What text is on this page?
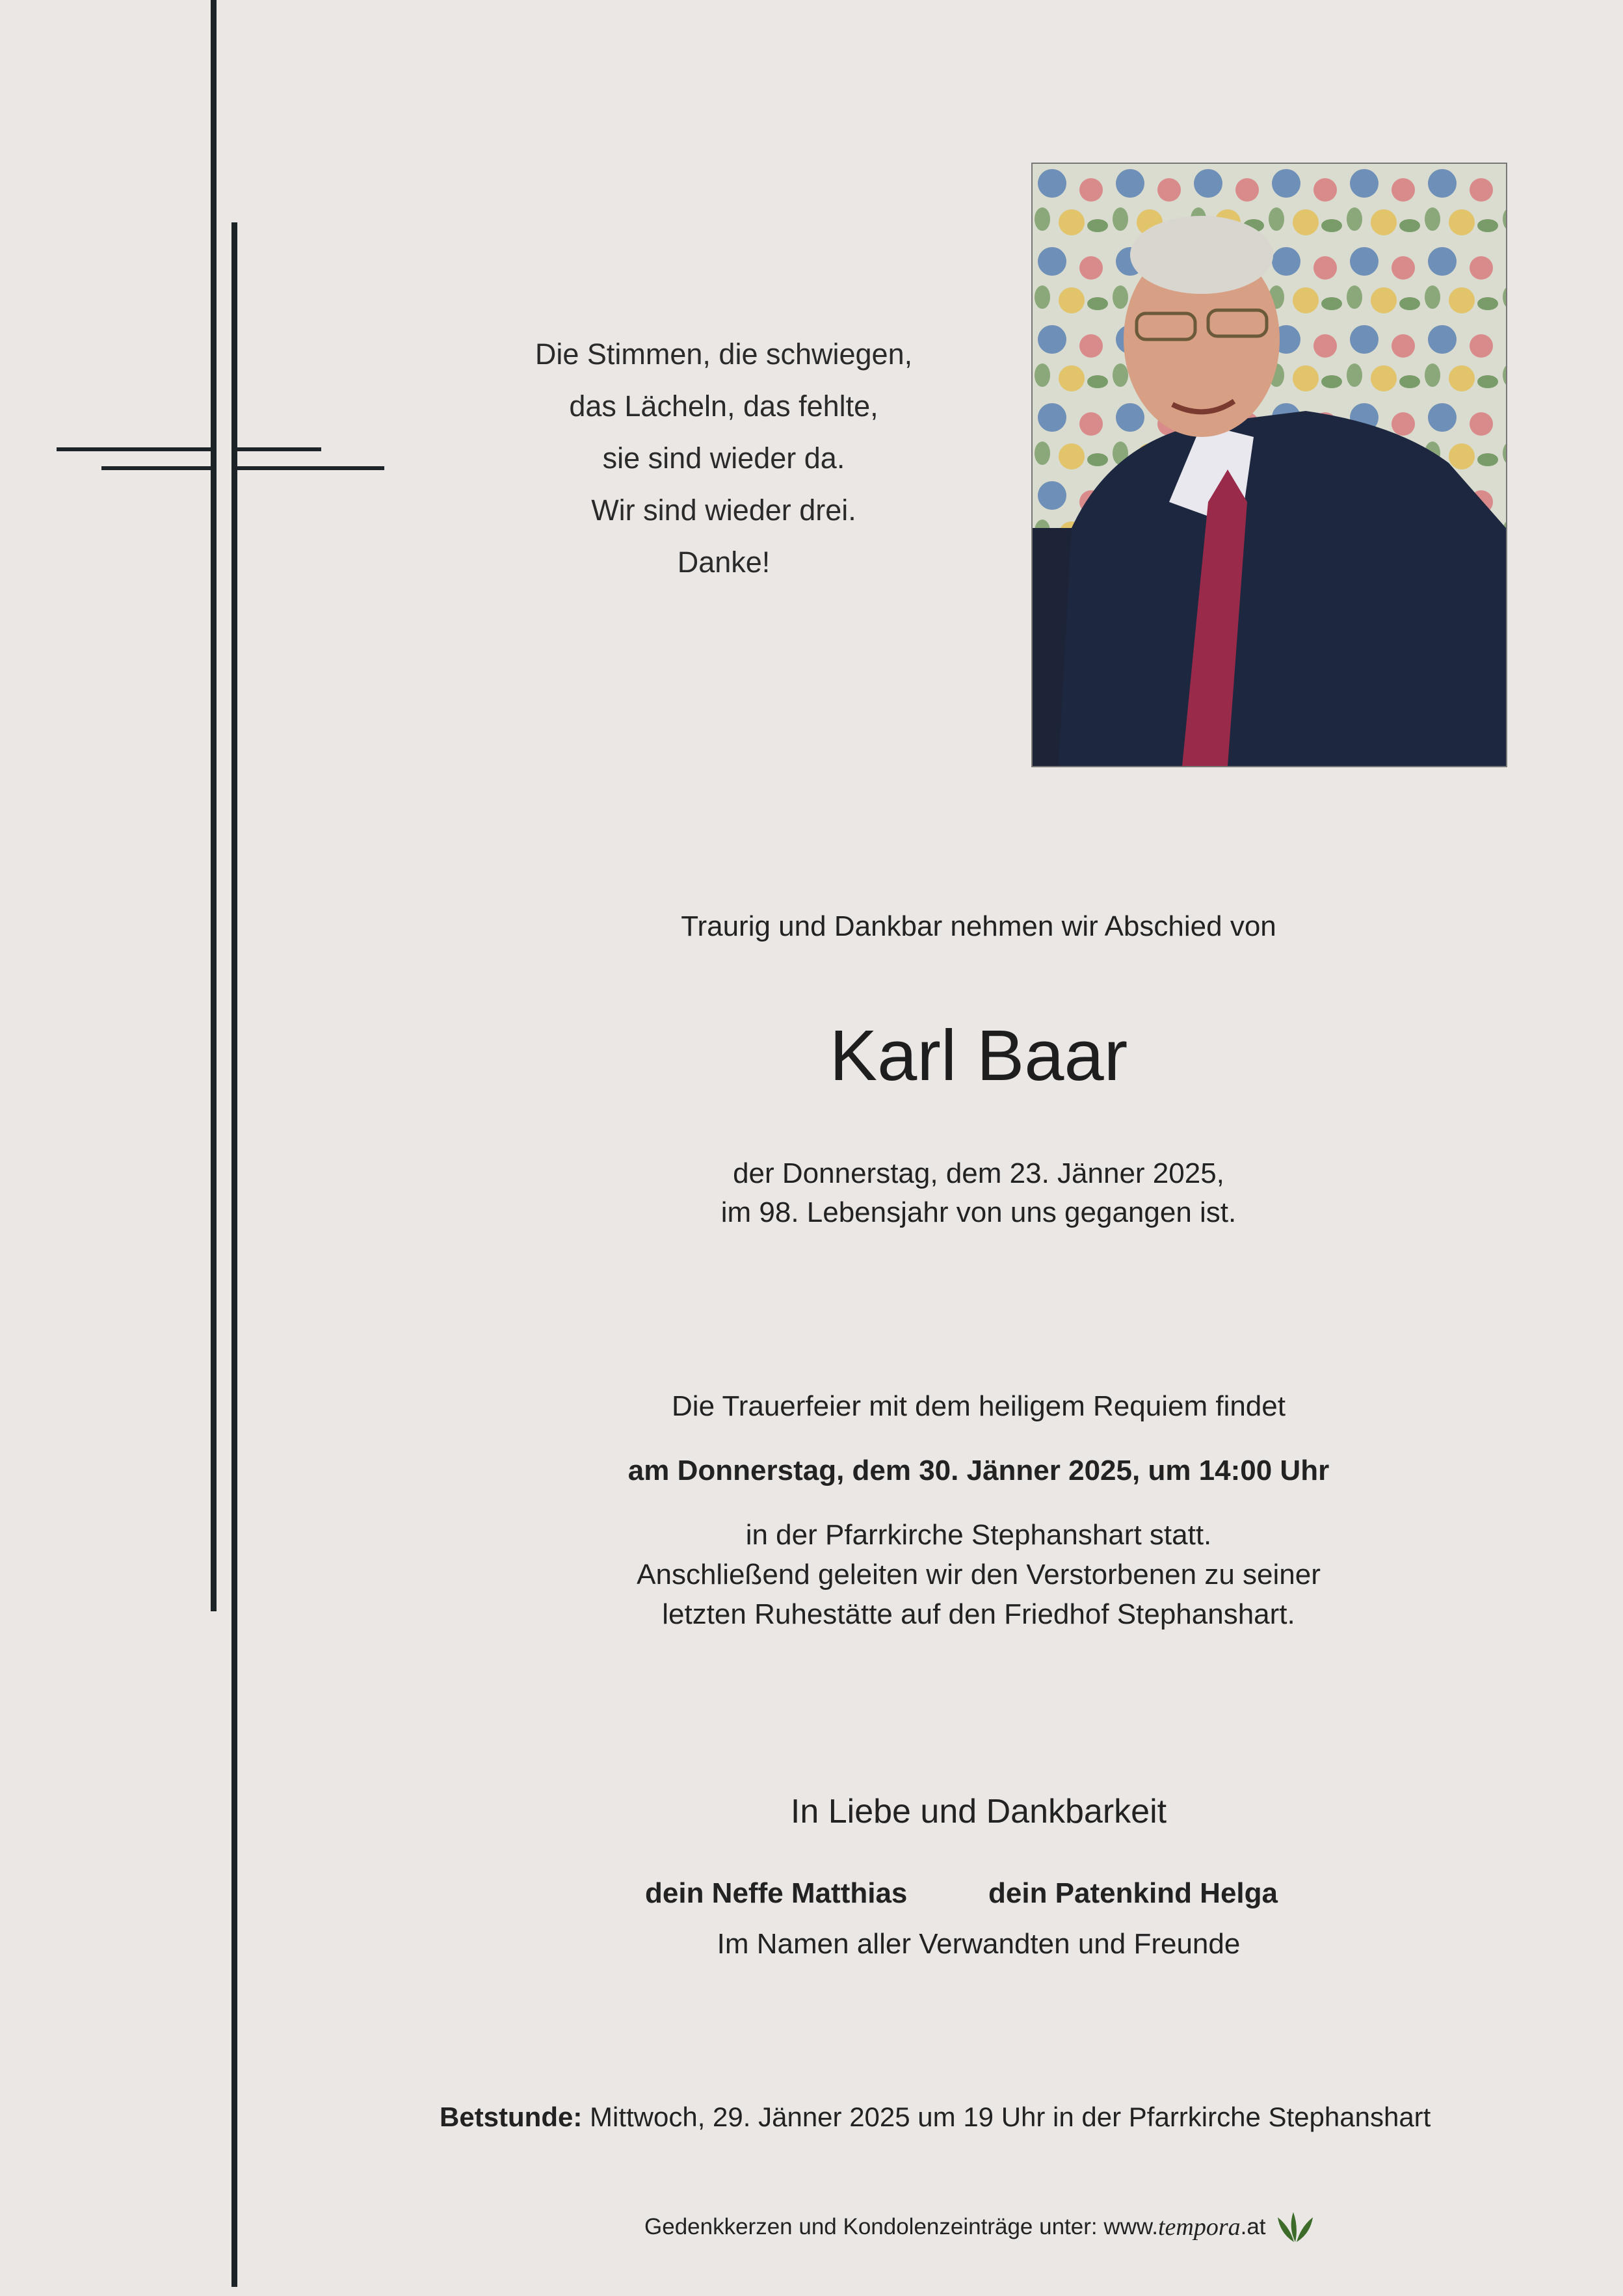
Die Stimmen, die schwiegen,
das Lächeln, das fehlte,
sie sind wieder da.
Wir sind wieder drei.
Danke!
Traurig und Dankbar nehmen wir Abschied von
Karl Baar
der Donnerstag, dem 23. Jänner 2025,
im 98. Lebensjahr von uns gegangen ist.
Die Trauerfeier mit dem heiligem Requiem findet
am Donnerstag, dem 30. Jänner 2025, um 14:00 Uhr
in der Pfarrkirche Stephanshart statt.
Anschließend geleiten wir den Verstorbenen zu seiner
letzten Ruhestätte auf den Friedhof Stephanshart.
In Liebe und Dankbarkeit
dein Neffe Matthias	dein Patenkind Helga
Im Namen aller Verwandten und Freunde
Betstunde: Mittwoch, 29. Jänner 2025 um 19 Uhr in der Pfarrkirche Stephanshart
Gedenkkerzen und Kondolenzeinträge unter: www. tempora .at
